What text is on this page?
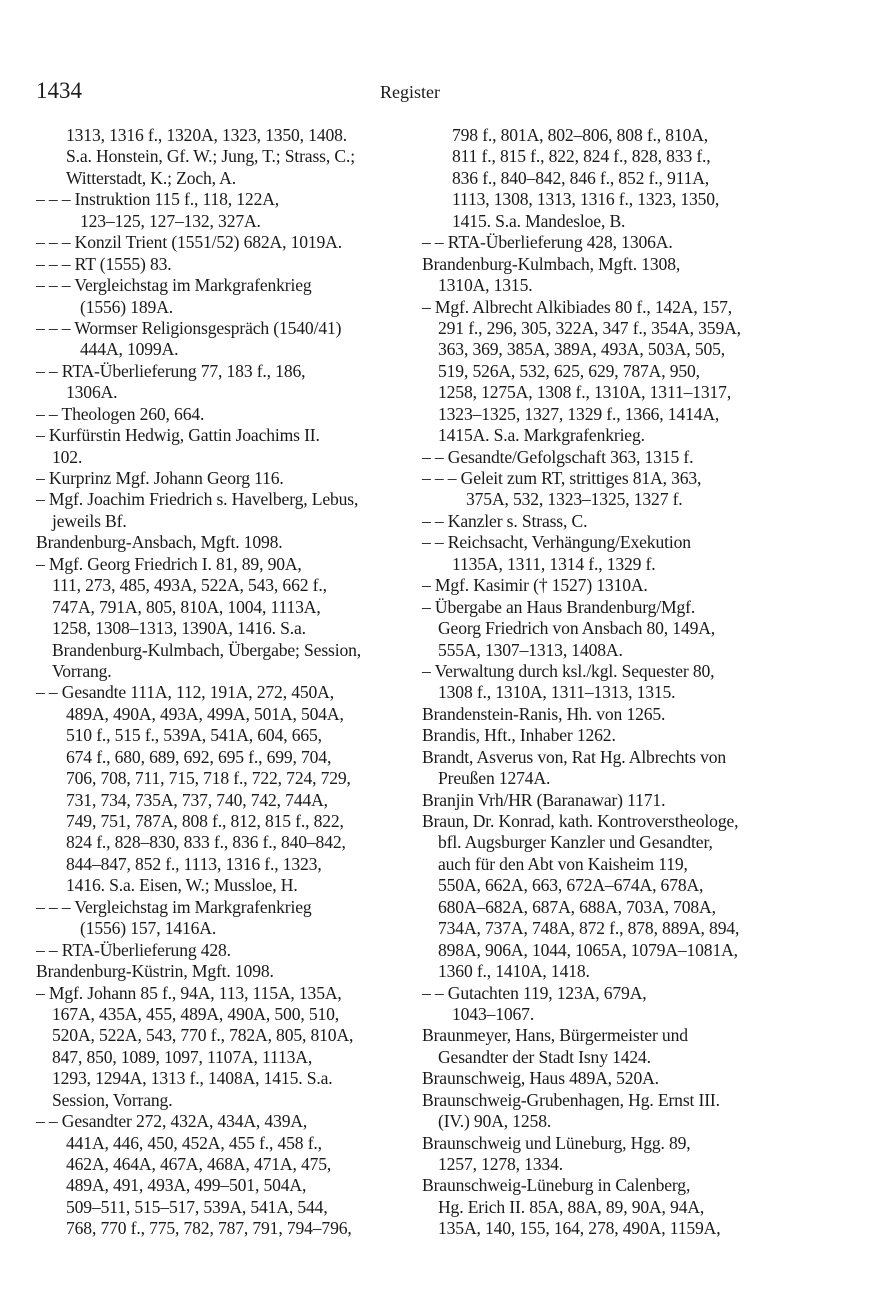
1434	Register
1313, 1316 f., 1320A, 1323, 1350, 1408.
S.a. Honstein, Gf. W.; Jung, T.; Strass, C.;
Witterstadt, K.; Zoch, A.
– – – Instruktion 115 f., 118, 122A,
123–125, 127–132, 327A.
– – – Konzil Trient (1551/52) 682A, 1019A.
– – – RT (1555) 83.
– – – Vergleichstag im Markgrafenkrieg
(1556) 189A.
– – – Wormser Religionsgespräch (1540/41)
444A, 1099A.
– – RTA-Überlieferung 77, 183 f., 186,
1306A.
– – Theologen 260, 664.
– Kurfürstin Hedwig, Gattin Joachims II.
102.
– Kurprinz Mgf. Johann Georg 116.
– Mgf. Joachim Friedrich s. Havelberg, Lebus,
jeweils Bf.
Brandenburg-Ansbach, Mgft. 1098.
– Mgf. Georg Friedrich I. 81, 89, 90A,
111, 273, 485, 493A, 522A, 543, 662 f.,
747A, 791A, 805, 810A, 1004, 1113A,
1258, 1308–1313, 1390A, 1416. S.a.
Brandenburg-Kulmbach, Übergabe; Session,
Vorrang.
– – Gesandte 111A, 112, 191A, 272, 450A,
489A, 490A, 493A, 499A, 501A, 504A,
510 f., 515 f., 539A, 541A, 604, 665,
674 f., 680, 689, 692, 695 f., 699, 704,
706, 708, 711, 715, 718 f., 722, 724, 729,
731, 734, 735A, 737, 740, 742, 744A,
749, 751, 787A, 808 f., 812, 815 f., 822,
824 f., 828–830, 833 f., 836 f., 840–842,
844–847, 852 f., 1113, 1316 f., 1323,
1416. S.a. Eisen, W.; Mussloe, H.
– – – Vergleichstag im Markgrafenkrieg
(1556) 157, 1416A.
– – RTA-Überlieferung 428.
Brandenburg-Küstrin, Mgft. 1098.
– Mgf. Johann 85 f., 94A, 113, 115A, 135A,
167A, 435A, 455, 489A, 490A, 500, 510,
520A, 522A, 543, 770 f., 782A, 805, 810A,
847, 850, 1089, 1097, 1107A, 1113A,
1293, 1294A, 1313 f., 1408A, 1415. S.a.
Session, Vorrang.
– – Gesandter 272, 432A, 434A, 439A,
441A, 446, 450, 452A, 455 f., 458 f.,
462A, 464A, 467A, 468A, 471A, 475,
489A, 491, 493A, 499–501, 504A,
509–511, 515–517, 539A, 541A, 544,
768, 770 f., 775, 782, 787, 791, 794–796,
798 f., 801A, 802–806, 808 f., 810A,
811 f., 815 f., 822, 824 f., 828, 833 f.,
836 f., 840–842, 846 f., 852 f., 911A,
1113, 1308, 1313, 1316 f., 1323, 1350,
1415. S.a. Mandesloe, B.
– – RTA-Überlieferung 428, 1306A.
Brandenburg-Kulmbach, Mgft. 1308,
1310A, 1315.
– Mgf. Albrecht Alkibiades 80 f., 142A, 157,
291 f., 296, 305, 322A, 347 f., 354A, 359A,
363, 369, 385A, 389A, 493A, 503A, 505,
519, 526A, 532, 625, 629, 787A, 950,
1258, 1275A, 1308 f., 1310A, 1311–1317,
1323–1325, 1327, 1329 f., 1366, 1414A,
1415A. S.a. Markgrafenkrieg.
– – Gesandte/Gefolgschaft 363, 1315 f.
– – – Geleit zum RT, strittiges 81A, 363,
375A, 532, 1323–1325, 1327 f.
– – Kanzler s. Strass, C.
– – Reichsacht, Verhängung/Exekution
1135A, 1311, 1314 f., 1329 f.
– Mgf. Kasimir († 1527) 1310A.
– Übergabe an Haus Brandenburg/Mgf.
Georg Friedrich von Ansbach 80, 149A,
555A, 1307–1313, 1408A.
– Verwaltung durch ksl./kgl. Sequester 80,
1308 f., 1310A, 1311–1313, 1315.
Brandenstein-Ranis, Hh. von 1265.
Brandis, Hft., Inhaber 1262.
Brandt, Asverus von, Rat Hg. Albrechts von
Preußen 1274A.
Branjin Vrh/HR (Baranawar) 1171.
Braun, Dr. Konrad, kath. Kontroverstheologe,
bfl. Augsburger Kanzler und Gesandter,
auch für den Abt von Kaisheim 119,
550A, 662A, 663, 672A–674A, 678A,
680A–682A, 687A, 688A, 703A, 708A,
734A, 737A, 748A, 872 f., 878, 889A, 894,
898A, 906A, 1044, 1065A, 1079A–1081A,
1360 f., 1410A, 1418.
– – Gutachten 119, 123A, 679A,
1043–1067.
Braunmeyer, Hans, Bürgermeister und
Gesandter der Stadt Isny 1424.
Braunschweig, Haus 489A, 520A.
Braunschweig-Grubenhagen, Hg. Ernst III.
(IV.) 90A, 1258.
Braunschweig und Lüneburg, Hgg. 89,
1257, 1278, 1334.
Braunschweig-Lüneburg in Calenberg,
Hg. Erich II. 85A, 88A, 89, 90A, 94A,
135A, 140, 155, 164, 278, 490A, 1159A,
